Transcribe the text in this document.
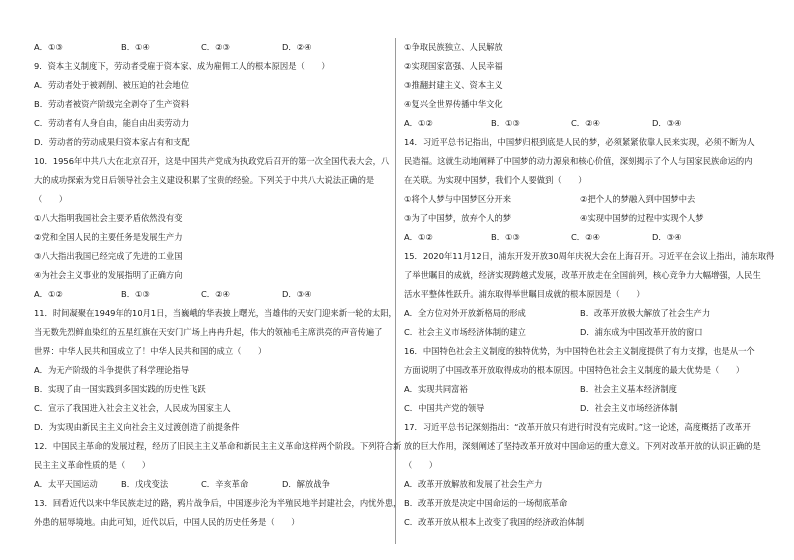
A．①③	B．①④	C．②③	D．②④
9．资本主义制度下，劳动者受雇于资本家、成为雇佣工人的根本原因是（　　）
A．劳动者处于被剥削、被压迫的社会地位
B．劳动者被资产阶级完全剥夺了生产资料
C．劳动者有人身自由，能自由出卖劳动力
D．劳动者的劳动成果归资本家占有和支配
10．1956年中共八大在北京召开，这是中国共产党成为执政党后召开的第一次全国代表大会，八
大的成功探索为党日后领导社会主义建设积累了宝贵的经验。下列关于中共八大说法正确的是
（　　）
①八大指明我国社会主要矛盾依然没有变
②党和全国人民的主要任务是发展生产力
③八大指出我国已经完成了先进的工业国
④为社会主义事业的发展指明了正确方向
A．①②	B．①③	C．②④	D．③④
11．时间凝聚在1949年的10月1日，当巍峨的华表披上曙光，当雄伟的天安门迎来新一轮的太阳，
当无数先烈鲜血染红的五星红旗在天安门广场上冉冉升起，伟大的领袖毛主席洪亮的声音传遍了
世界：中华人民共和国成立了！中华人民共和国的成立（　　）
A．为无产阶级的斗争提供了科学理论指导
B．实现了由一国实践到多国实践的历史性飞跃
C．宣示了我国进入社会主义社会，人民成为国家主人
D．为实现由新民主主义向社会主义过渡创造了前提条件
12．中国民主革命的发展过程，经历了旧民主主义革命和新民主主义革命这样两个阶段。下列符合新
民主主义革命性质的是（　　）
A．太平天国运动	B．戊戌变法	C．辛亥革命	D．解放战争
13．回看近代以来中华民族走过的路，鸦片战争后，中国逐步沦为半殖民地半封建社会，内忧外患，
外患的屈辱境地。由此可知，近代以后，中国人民的历史任务是（　　）
①争取民族独立、人民解放
②实现国家富强、人民幸福
③推翻封建主义、资本主义
④复兴全世界传播中华文化
A．①②	B．①③	C．②④	D．③④
14．习近平总书记指出，中国梦归根到底是人民的梦，必须紧紧依靠人民来实现，必须不断为人
民造福。这就生动地阐释了中国梦的动力源泉和核心价值，深刻揭示了个人与国家民族命运的内
在关联。为实现中国梦，我们个人要做到（　　）
①将个人梦与中国梦区分开来	②把个人的梦融入到中国梦中去
③为了中国梦，放弃个人的梦	④实现中国梦的过程中实现个人梦
A．①②	B．①③	C．②④	D．③④
15．2020年11月12日，浦东开发开放30周年庆祝大会在上海召开。习近平在会议上指出，浦东取得
了举世瞩目的成就，经济实现跨越式发展，改革开放走在全国前列，核心竞争力大幅增强，人民生
活水平整体性跃升。浦东取得举世瞩目成就的根本原因是（　　）
A．全方位对外开放新格局的形成	B．改革开放极大解放了社会生产力
C．社会主义市场经济体制的建立	D．浦东成为中国改革开放的窗口
16．中国特色社会主义制度的独特优势，为中国特色社会主义制度提供了有力支撑，也是从一个
方面说明了中国改革开放取得成功的根本原因。中国特色社会主义制度的最大优势是（　　）
A．实现共同富裕	B．社会主义基本经济制度
C．中国共产党的领导	D．社会主义市场经济体制
17．习近平总书记深刻指出：“改革开放只有进行时没有完成时。”这一论述，高度概括了改革开
放的巨大作用，深刻阐述了坚持改革开放对中国命运的重大意义。下列对改革开放的认识正确的是
（　　）
A．改革开放解放和发展了社会生产力
B．改革开放是决定中国命运的一场彻底革命
C．改革开放从根本上改变了我国的经济政治体制
